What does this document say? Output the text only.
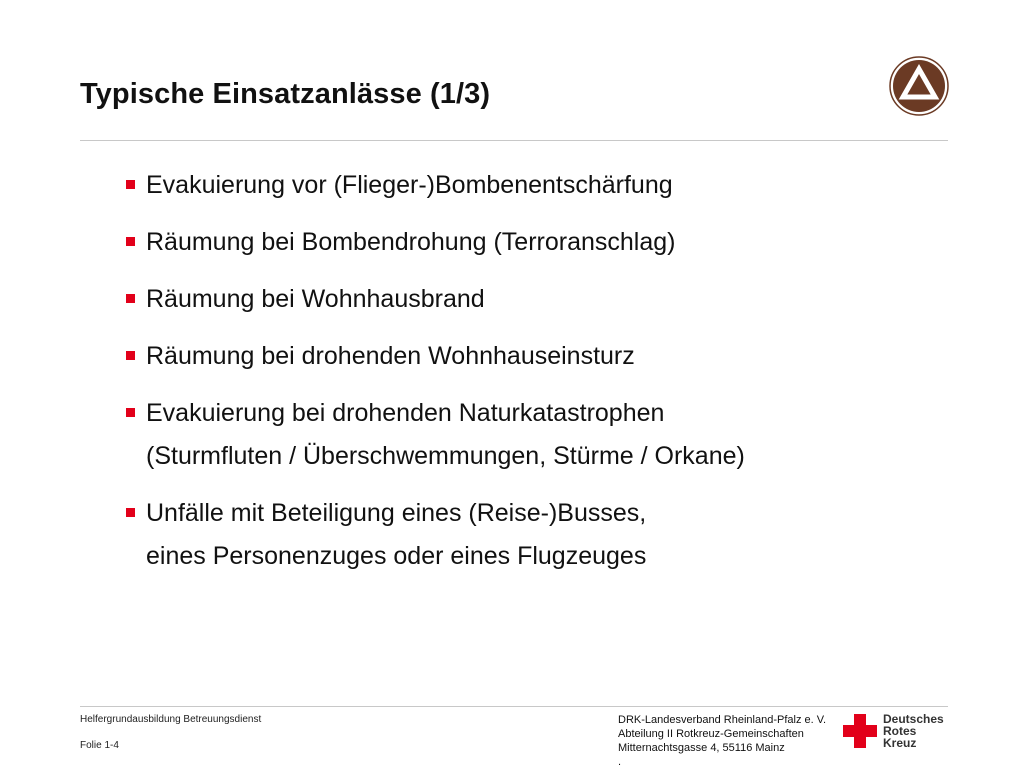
Typische Einsatzanlässe (1/3)
Evakuierung vor (Flieger-)Bombenentschärfung
Räumung bei Bombendrohung (Terroranschlag)
Räumung bei Wohnhausbrand
Räumung bei drohenden Wohnhauseinsturz
Evakuierung bei drohenden Naturkatastrophen
(Sturmfluten / Überschwemmungen, Stürme / Orkane)
Unfälle mit Beteiligung eines (Reise-)Busses,
eines Personenzuges oder eines Flugzeuges
Helfergrundausbildung Betreuungsdienst
Folie 1-4
DRK-Landesverband Rheinland-Pfalz e. V.
Abteilung II Rotkreuz-Gemeinschaften
Mitternachtsgasse 4, 55116 Mainz
.
Deutsches
Rotes
Kreuz
